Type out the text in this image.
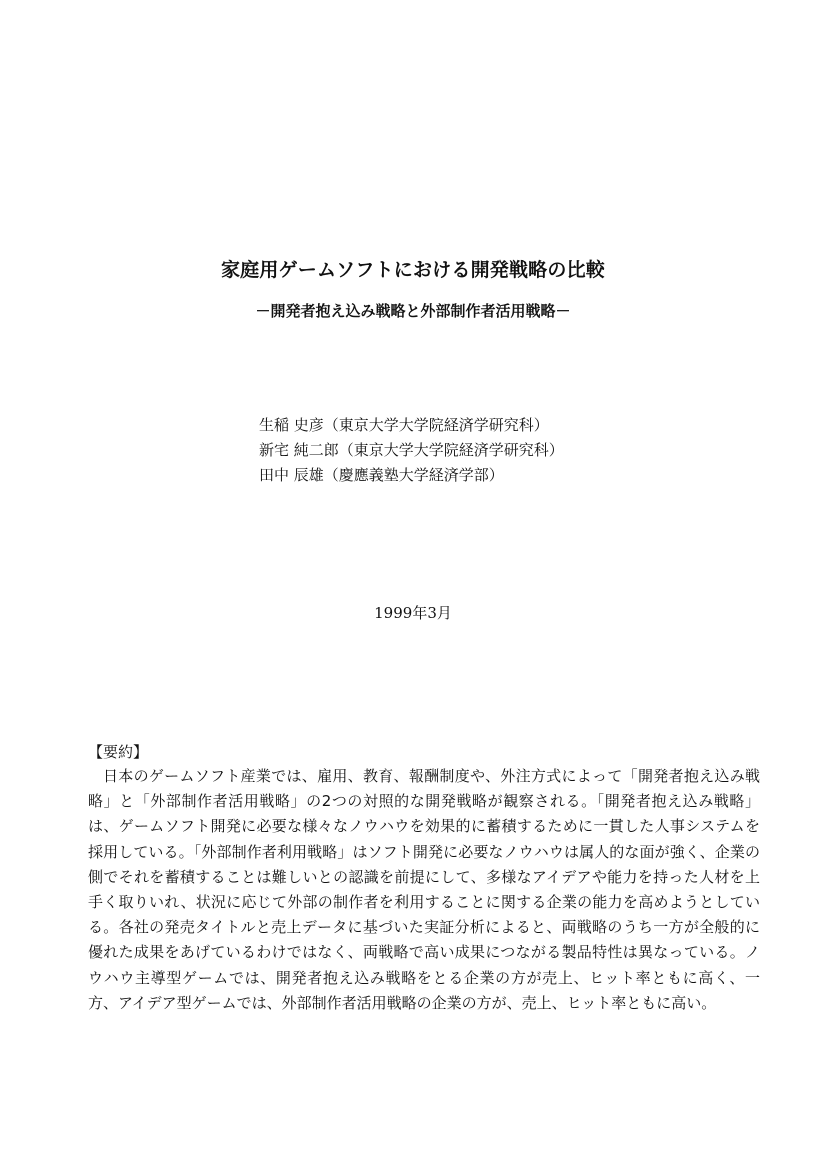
家庭用ゲームソフトにおける開発戦略の比較
－開発者抱え込み戦略と外部制作者活用戦略－
生稲 史彦（東京大学大学院経済学研究科）
新宅 純二郎（東京大学大学院経済学研究科）
田中 辰雄（慶應義塾大学経済学部）
1999年3月
【要約】

日本のゲームソフト産業では、雇用、教育、報酬制度や、外注方式によって「開発者抱え込み戦略」と「外部制作者活用戦略」の2つの対照的な開発戦略が観察される。「開発者抱え込み戦略」は、ゲームソフト開発に必要な様々なノウハウを効果的に蓄積するために一貫した人事システムを採用している。「外部制作者利用戦略」はソフト開発に必要なノウハウは属人的な面が強く、企業の側でそれを蓄積することは難しいとの認識を前提にして、多様なアイデアや能力を持った人材を上手く取りいれ、状況に応じて外部の制作者を利用することに関する企業の能力を高めようとしている。各社の発売タイトルと売上データに基づいた実証分析によると、両戦略のうち一方が全般的に優れた成果をあげているわけではなく、両戦略で高い成果につながる製品特性は異なっている。ノウハウ主導型ゲームでは、開発者抱え込み戦略をとる企業の方が売上、ヒット率ともに高く、一方、アイデア型ゲームでは、外部制作者活用戦略の企業の方が、売上、ヒット率ともに高い。
